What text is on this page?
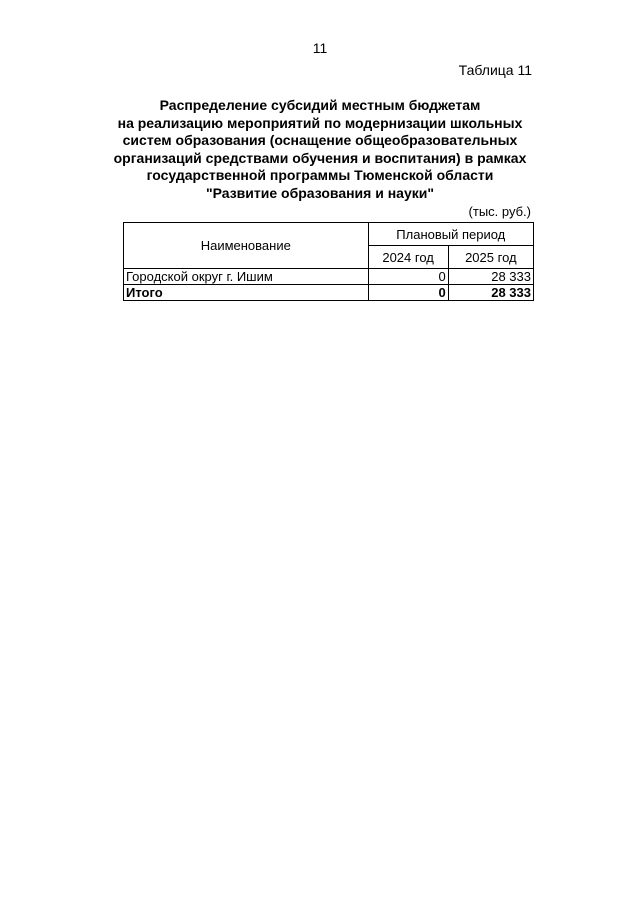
11
Таблица 11
Распределение субсидий местным бюджетам
на реализацию мероприятий по модернизации школьных
систем образования (оснащение общеобразовательных
организаций средствами обучения и воспитания) в рамках
государственной программы Тюменской области
"Развитие образования и науки"
(тыс. руб.)
Наименование	Плановый период	
	2024 год	2025 год
Городской округ г. Ишим	0	28 333
Итого	0	28 333
